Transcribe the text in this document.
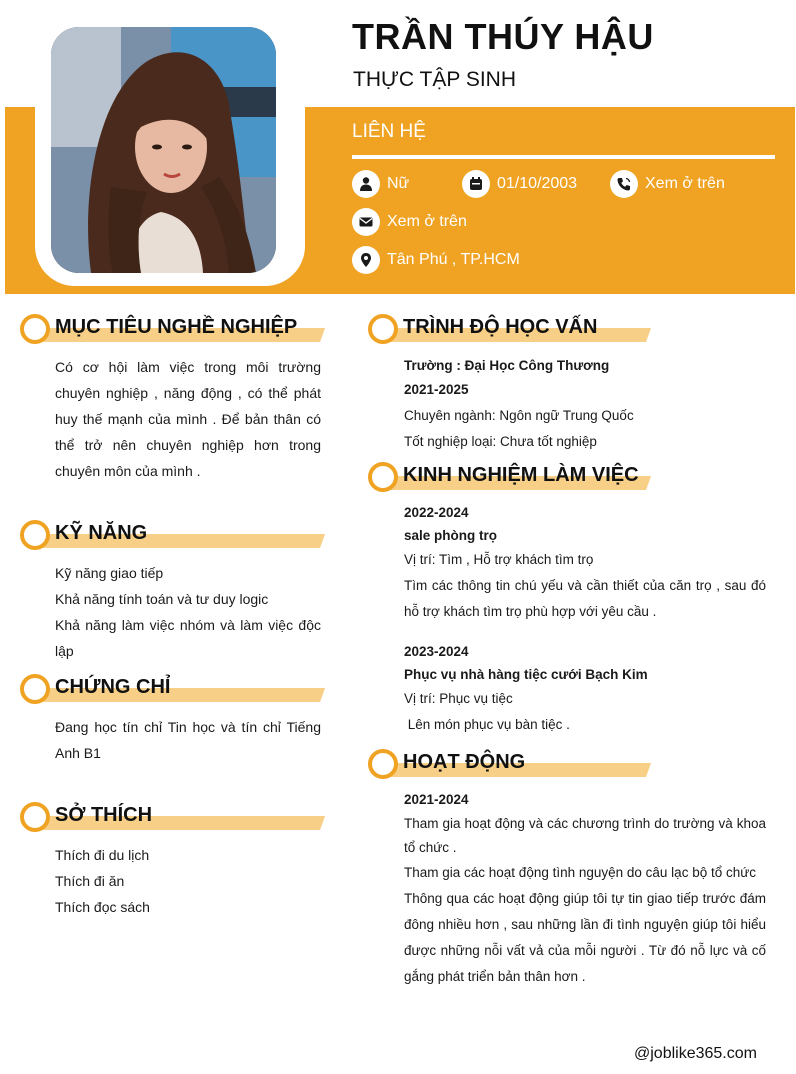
TRẦN THÚY HẬU
THỰC TẬP SINH
LIÊN HỆ
Nữ	01/10/2003	Xem ở trên
Xem ở trên
Tân Phú , TP.HCM
MỤC TIÊU NGHỀ NGHIỆP
Có cơ hội làm việc trong môi trường chuyên nghiệp , năng động , có thể phát huy thế mạnh của mình . Để bản thân có thể trở nên chuyên nghiệp hơn trong chuyên môn của mình .
KỸ NĂNG
Kỹ năng giao tiếp
Khả năng tính toán và tư duy logic
Khả năng làm việc nhóm và làm việc độc lập
CHỨNG CHỈ
Đang học tín chỉ Tin học và tín chỉ Tiếng Anh B1
SỞ THÍCH
Thích đi du lịch
Thích đi ăn
Thích đọc sách
TRÌNH ĐỘ HỌC VẤN
Trường : Đại Học Công Thương
2021-2025
Chuyên ngành: Ngôn ngữ Trung Quốc
Tốt nghiệp loại: Chưa tốt nghiệp
KINH NGHIỆM LÀM VIỆC
2022-2024
sale phòng trọ
Vị trí: Tìm , Hỗ trợ khách tìm trọ
Tìm các thông tin chú yếu và cần thiết của căn trọ , sau đó hỗ trợ khách tìm trọ phù hợp với yêu cầu .
2023-2024
Phục vụ nhà hàng tiệc cưới Bạch Kim
Vị trí: Phục vụ tiệc
Lên món phục vụ bàn tiệc .
HOẠT ĐỘNG
2021-2024
Tham gia hoạt động và các chương trình do trường và khoa tổ chức .
Tham gia các hoạt động tình nguyện do câu lạc bộ tổ chức
Thông qua các hoạt động giúp tôi tự tin giao tiếp trước đám đông nhiều hơn , sau những lần đi tình nguyện giúp tôi hiểu được những nỗi vất vả của mỗi người . Từ đó nỗ lực và cố gắng phát triển bản thân hơn .
@joblike365.com
